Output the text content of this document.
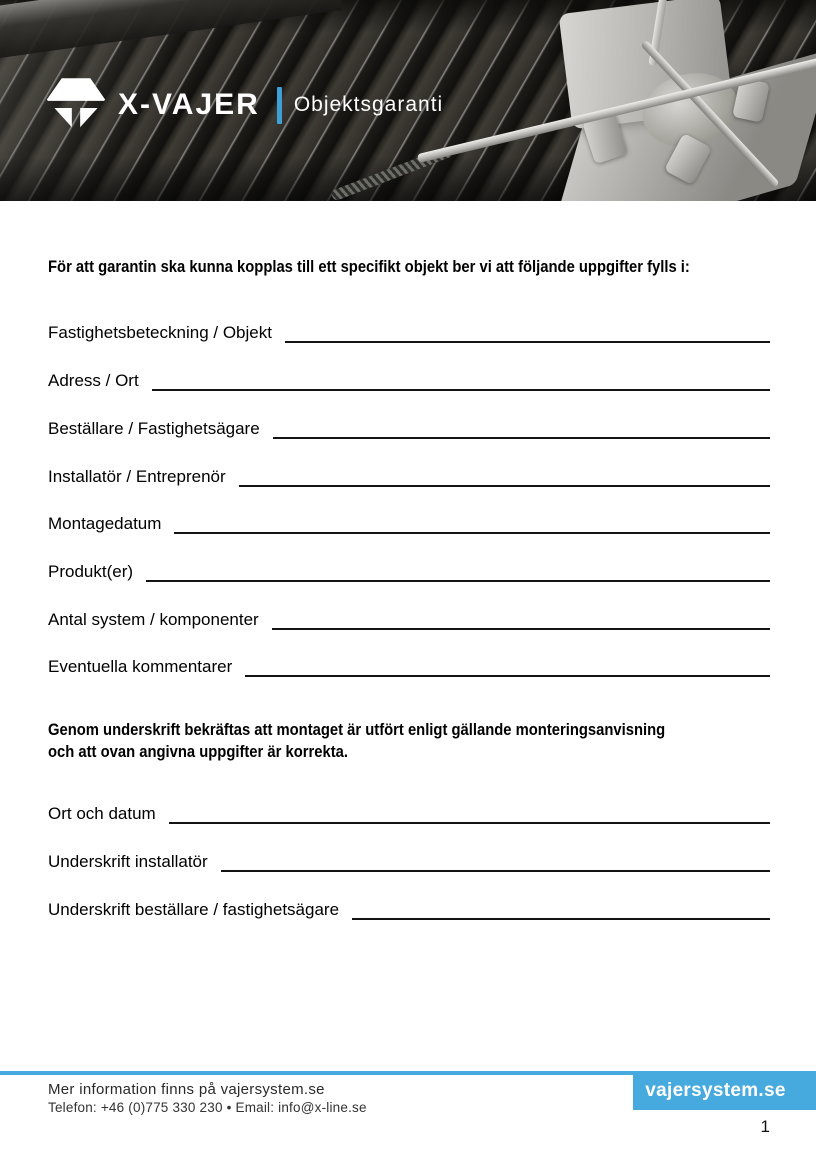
X-VAJER Objektsgaranti

För att garantin ska kunna kopplas till ett specifikt objekt ber vi att följande uppgifter fylls i:

Fastighetsbeteckning / Objekt
Adress / Ort
Beställare / Fastighetsägare
Installatör / Entreprenör
Montagedatum
Produkt(er)
Antal system / komponenter
Eventuella kommentarer
Genom underskrift bekräftas att montaget är utfört enligt gällande monteringsanvisning
och att ovan angivna uppgifter är korrekta.
Ort och datum
Underskrift installatör
Underskrift beställare / fastighetsägare
Mer information finns på vajersystem.se
Telefon: +46 (0)775 330 230 • Email: info@x-line.se
vajersystem.se
1
